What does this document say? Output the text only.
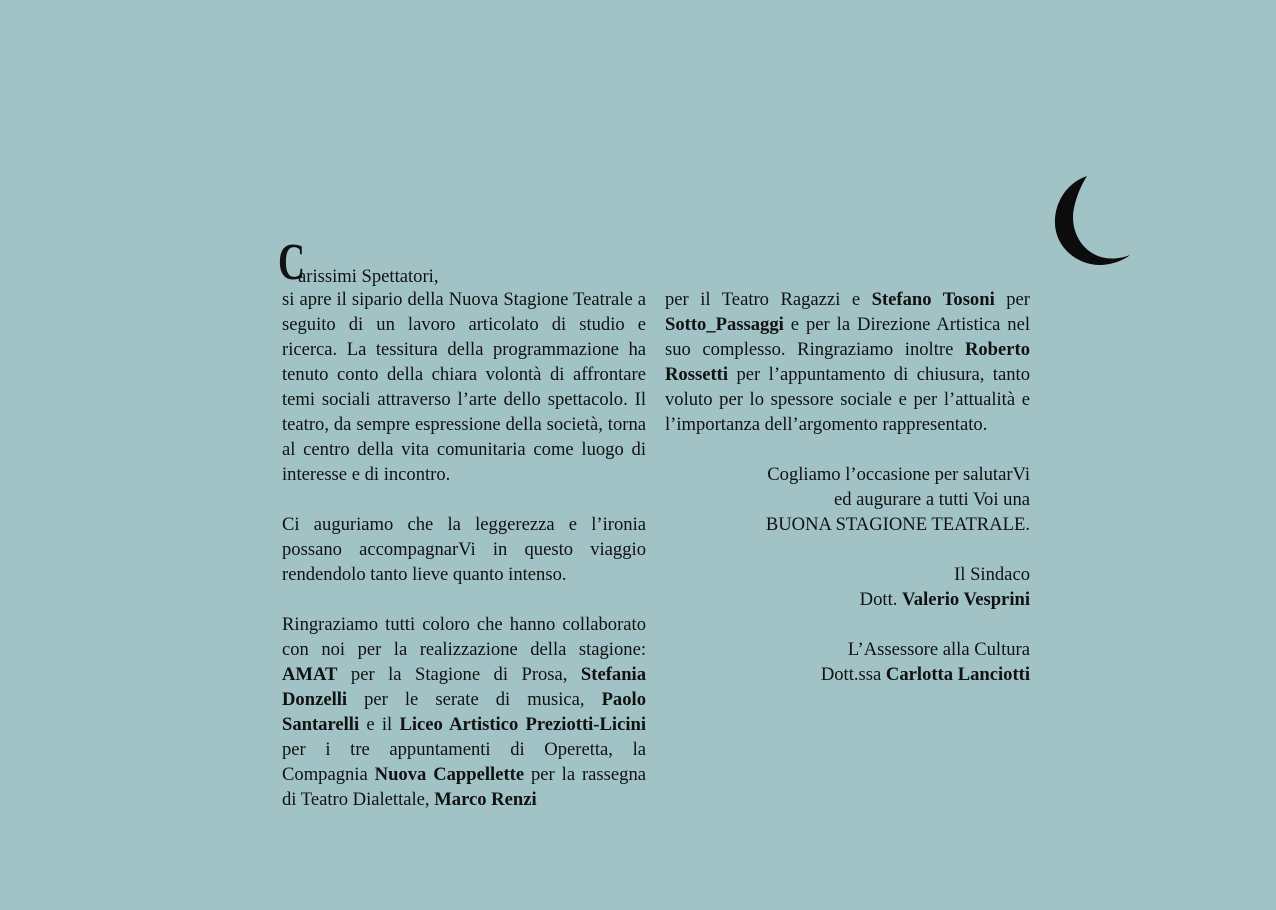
C
arissimi Spettatori,

si apre il sipario della Nuova Stagione Teatrale a seguito di un lavoro articolato di studio e ricerca. La tessitura della programmazione ha tenuto conto della chiara volontà di affrontare temi sociali attraverso l’arte dello spettacolo. Il teatro, da sempre espressione della società, torna al centro della vita comunitaria come luogo di interesse e di incontro.

Ci auguriamo che la leggerezza e l’ironia possano accompagnarVi in questo viaggio rendendolo tanto lieve quanto intenso.

Ringraziamo tutti coloro che hanno collaborato con noi per la realizzazione della stagione: AMAT per la Stagione di Prosa, Stefania Donzelli per le serate di musica, Paolo Santarelli e il Liceo Artistico Preziotti-Licini per i tre appuntamenti di Operetta, la Compagnia Nuova Cappellette per la rassegna di Teatro Dialettale, Marco Renzi

per il Teatro Ragazzi e Stefano Tosoni per Sotto_Passaggi e per la Direzione Artistica nel suo complesso. Ringraziamo inoltre Roberto Rossetti per l’appuntamento di chiusura, tanto voluto per lo spessore sociale e per l’attualità e l’importanza dell’argomento rappresentato.

Cogliamo l’occasione per salutarVi
ed augurare a tutti Voi una
BUONA STAGIONE TEATRALE.
Il Sindaco
Dott. Valerio Vesprini
L’Assessore alla Cultura
Dott.ssa Carlotta Lanciotti
